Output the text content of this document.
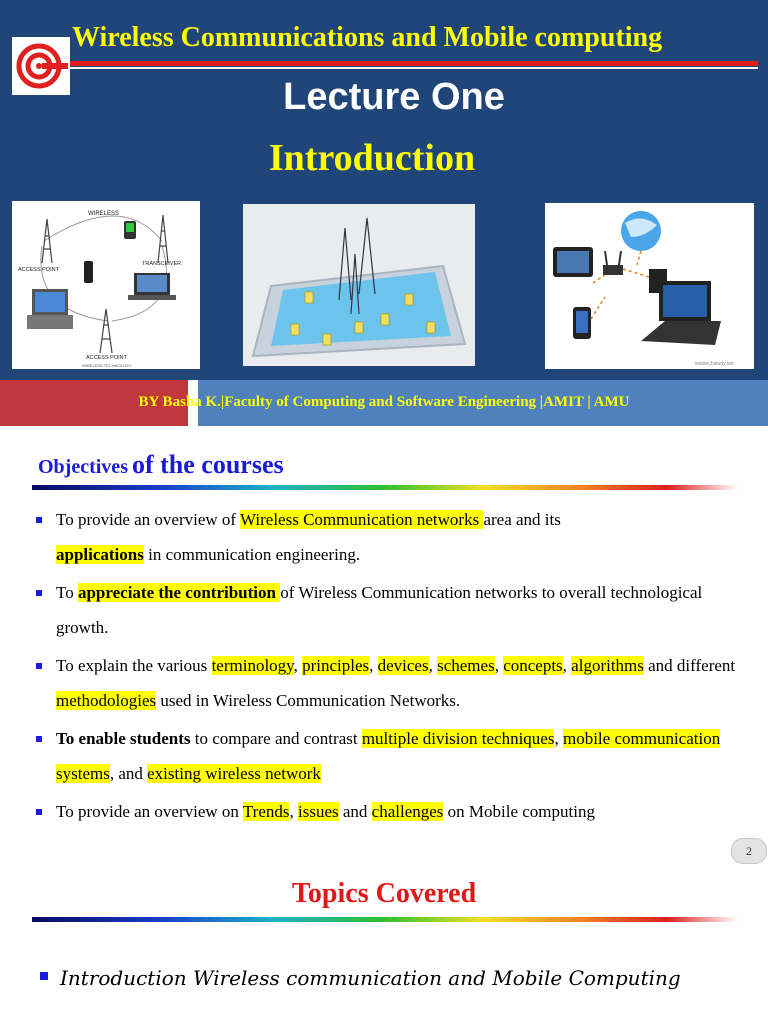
Wireless Communications and Mobile computing
Lecture One
Introduction
WIRELESS
ACCESS POINT
TRANSCEIVER
ACCESS POINT
WIRELESS TECHNOLOGY	webtechstudy.net
BY Basha K.|Faculty of Computing and Software Engineering |AMIT | AMU
Objectives of the courses
To provide an overview of Wireless Communication networks area and its
applications in communication engineering.
To appreciate the contribution of Wireless Communication networks to overall technological growth.
To explain the various terminology, principles, devices, schemes, concepts, algorithms and different methodologies used in Wireless Communication Networks.
To enable students to compare and contrast multiple division techniques, mobile communication systems, and existing wireless network
To provide an overview on Trends, issues and challenges on Mobile computing
2
Topics Covered
Introduction Wireless communication and Mobile Computing
